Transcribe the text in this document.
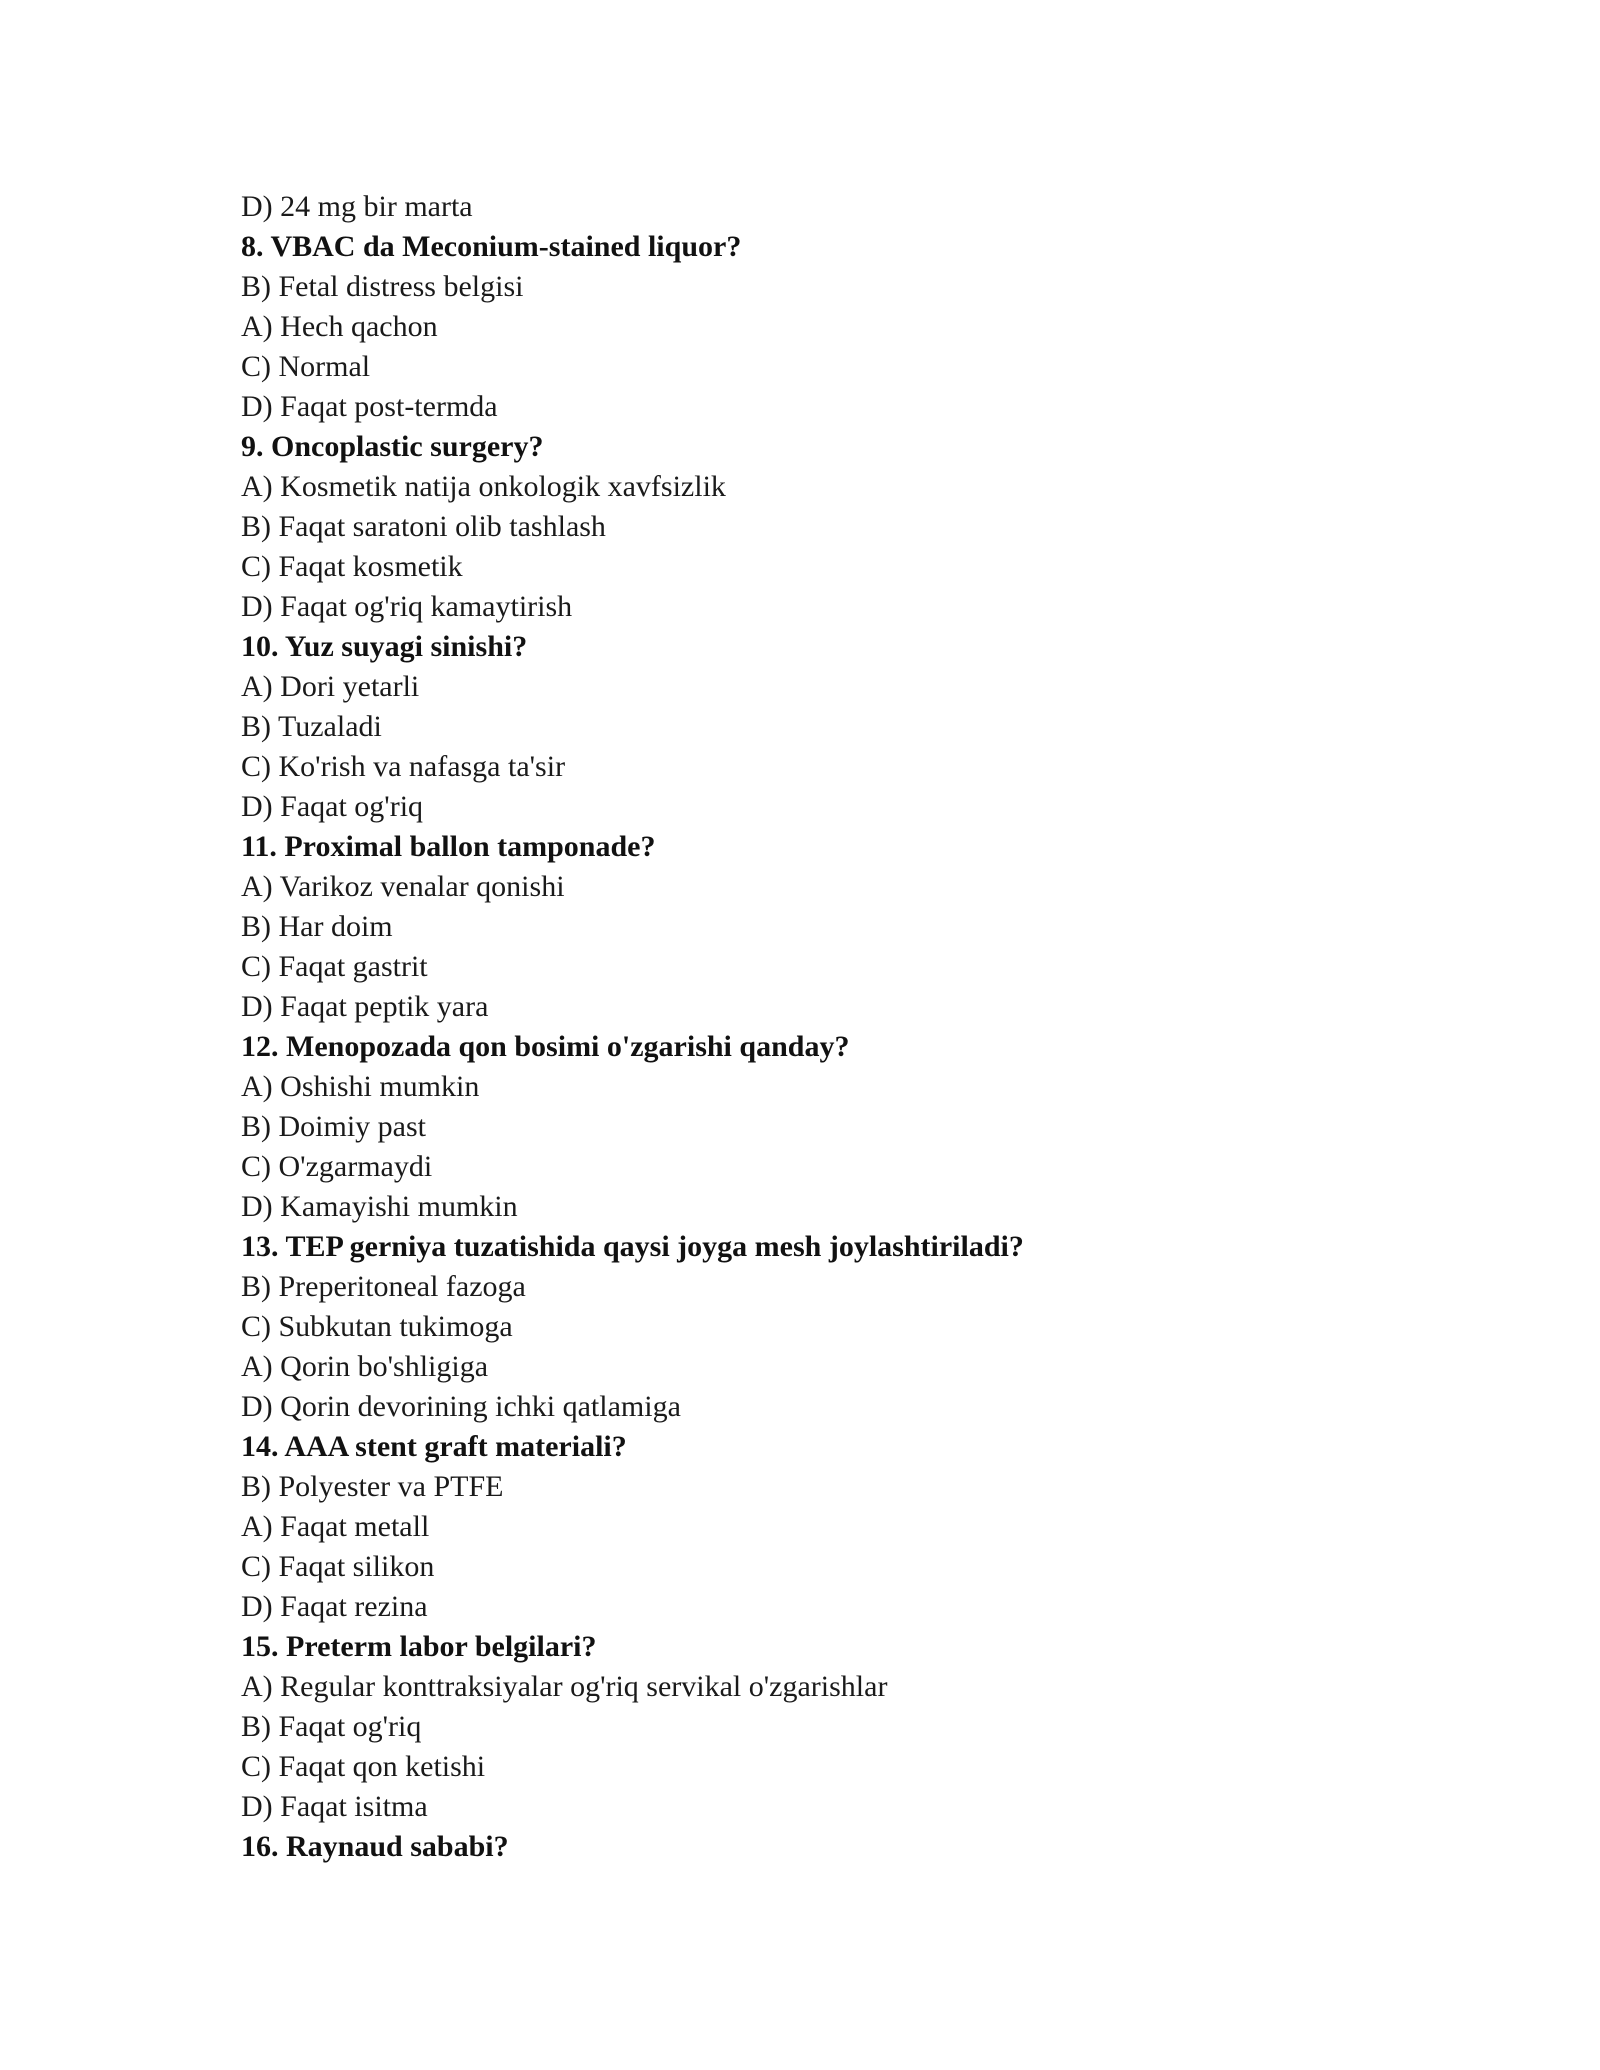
D) 24 mg bir marta
8. VBAC da Meconium-stained liquor?
B) Fetal distress belgisi
A) Hech qachon
C) Normal
D) Faqat post-termda
9. Oncoplastic surgery?
A) Kosmetik natija onkologik xavfsizlik
B) Faqat saratoni olib tashlash
C) Faqat kosmetik
D) Faqat og'riq kamaytirish
10. Yuz suyagi sinishi?
A) Dori yetarli
B) Tuzaladi
C) Ko'rish va nafasga ta'sir
D) Faqat og'riq
11. Proximal ballon tamponade?
A) Varikoz venalar qonishi
B) Har doim
C) Faqat gastrit
D) Faqat peptik yara
12. Menopozada qon bosimi o'zgarishi qanday?
A) Oshishi mumkin
B) Doimiy past
C) O'zgarmaydi
D) Kamayishi mumkin
13. TEP gerniya tuzatishida qaysi joyga mesh joylashtiriladi?
B) Preperitoneal fazoga
C) Subkutan tukimoga
A) Qorin bo'shligiga
D) Qorin devorining ichki qatlamiga
14. AAA stent graft materiali?
B) Polyester va PTFE
A) Faqat metall
C) Faqat silikon
D) Faqat rezina
15. Preterm labor belgilari?
A) Regular konttraksiyalar og'riq servikal o'zgarishlar
B) Faqat og'riq
C) Faqat qon ketishi
D) Faqat isitma
16. Raynaud sababi?
